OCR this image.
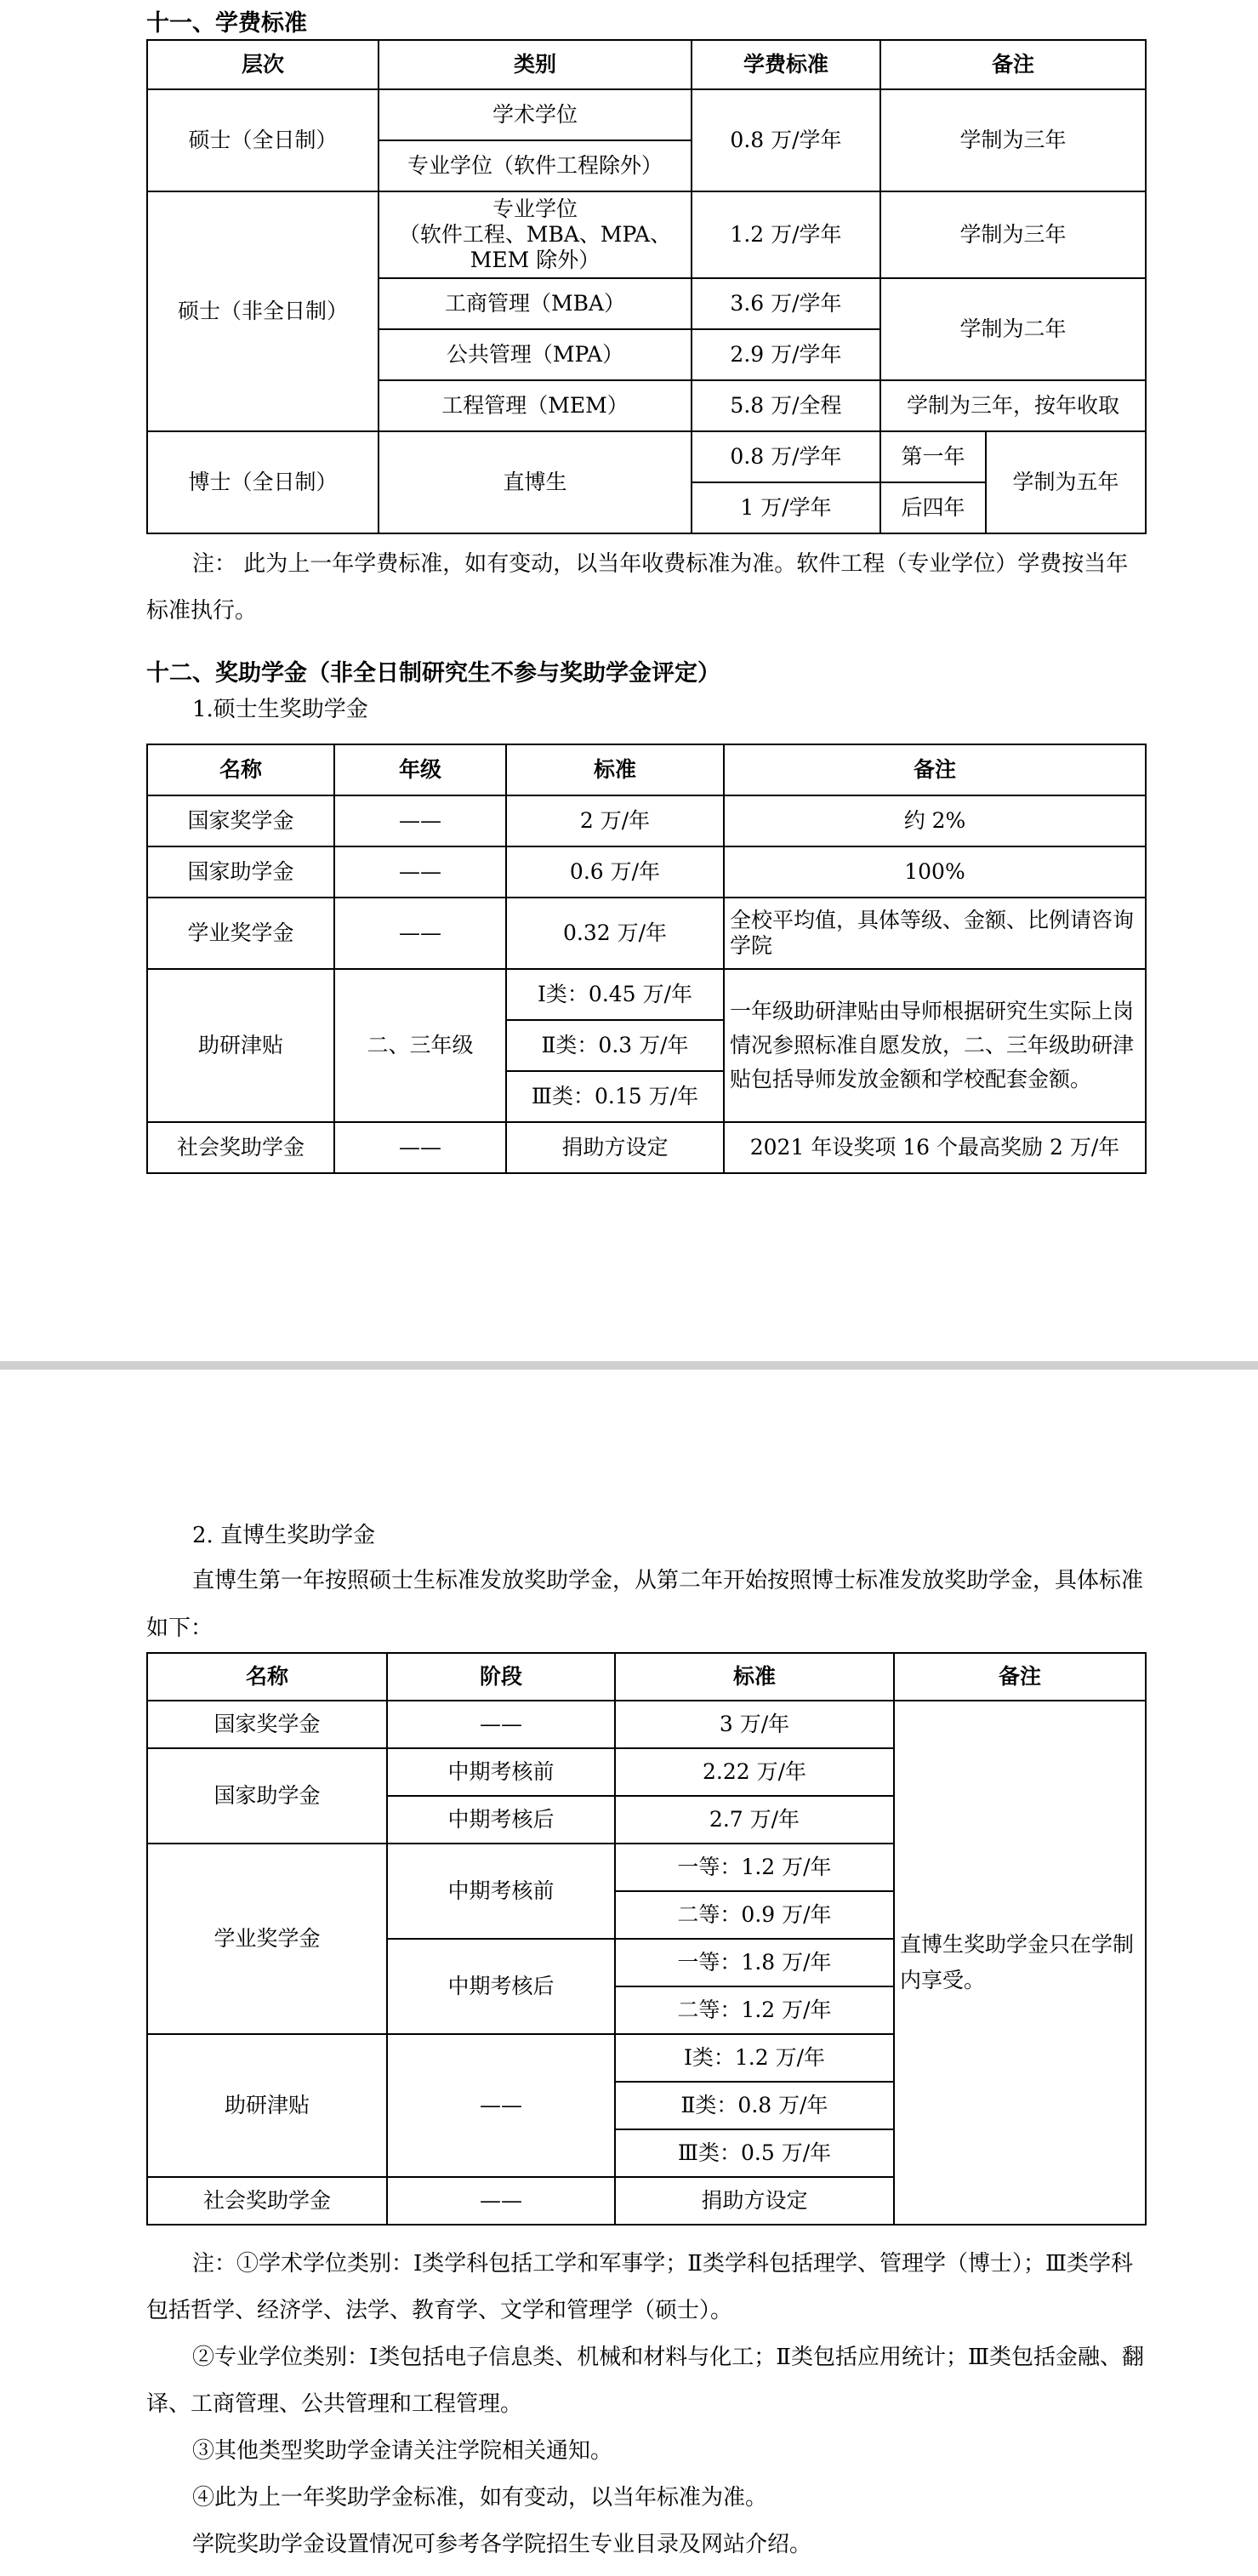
十一、学费标准
层次	类别	学费标准	备注	
硕士（全日制）	学术学位	0.8 万/学年	学制为三年	
	专业学位（软件工程除外）			
硕士（非全日制）	专业学位
（软件工程、MBA、MPA、
MEM 除外）	1.2 万/学年	学制为三年	
	工商管理（MBA）	3.6 万/学年	学制为二年	
	公共管理（MPA）	2.9 万/学年		
	工程管理（MEM）	5.8 万/全程	学制为三年，按年收取	
博士（全日制）	直博生	0.8 万/学年	第一年	学制为五年
		1 万/学年	后四年	

注： 此为上一年学费标准，如有变动，以当年收费标准为准。软件工程（专业学位）学费按当年标准执行。

十二、奖助学金（非全日制研究生不参与奖助学金评定）

1.硕士生奖助学金

名称	年级	标准	备注
国家奖学金	——	2 万/年	约 2%
国家助学金	——	0.6 万/年	100%
学业奖学金	——	0.32 万/年	全校平均值，具体等级、金额、比例请咨询学院
助研津贴	二、三年级	Ⅰ类：0.45 万/年	一年级助研津贴由导师根据研究生实际上岗情况参照标准自愿发放，二、三年级助研津贴包括导师发放金额和学校配套金额。
		Ⅱ类：0.3 万/年	
		Ⅲ类：0.15 万/年	
社会奖助学金	——	捐助方设定	2021 年设奖项 16 个最高奖励 2 万/年

2. 直博生奖助学金

直博生第一年按照硕士生标准发放奖助学金，从第二年开始按照博士标准发放奖助学金，具体标准如下：

名称	阶段	标准	备注
国家奖学金	——	3 万/年	直博生奖助学金只在学制内享受。
国家助学金	中期考核前	2.22 万/年	
	中期考核后	2.7 万/年	
学业奖学金	中期考核前	一等：1.2 万/年	
		二等：0.9 万/年	
	中期考核后	一等：1.8 万/年	
		二等：1.2 万/年	
助研津贴	——	Ⅰ类：1.2 万/年	
		Ⅱ类：0.8 万/年	
		Ⅲ类：0.5 万/年	
社会奖助学金	——	捐助方设定	

注：①学术学位类别：Ⅰ类学科包括工学和军事学；Ⅱ类学科包括理学、管理学（博士）；Ⅲ类学科包括哲学、经济学、法学、教育学、文学和管理学（硕士）。

②专业学位类别：Ⅰ类包括电子信息类、机械和材料与化工；Ⅱ类包括应用统计；Ⅲ类包括金融、翻译、工商管理、公共管理和工程管理。

③其他类型奖助学金请关注学院相关通知。

④此为上一年奖助学金标准，如有变动，以当年标准为准。

学院奖助学金设置情况可参考各学院招生专业目录及网站介绍。
